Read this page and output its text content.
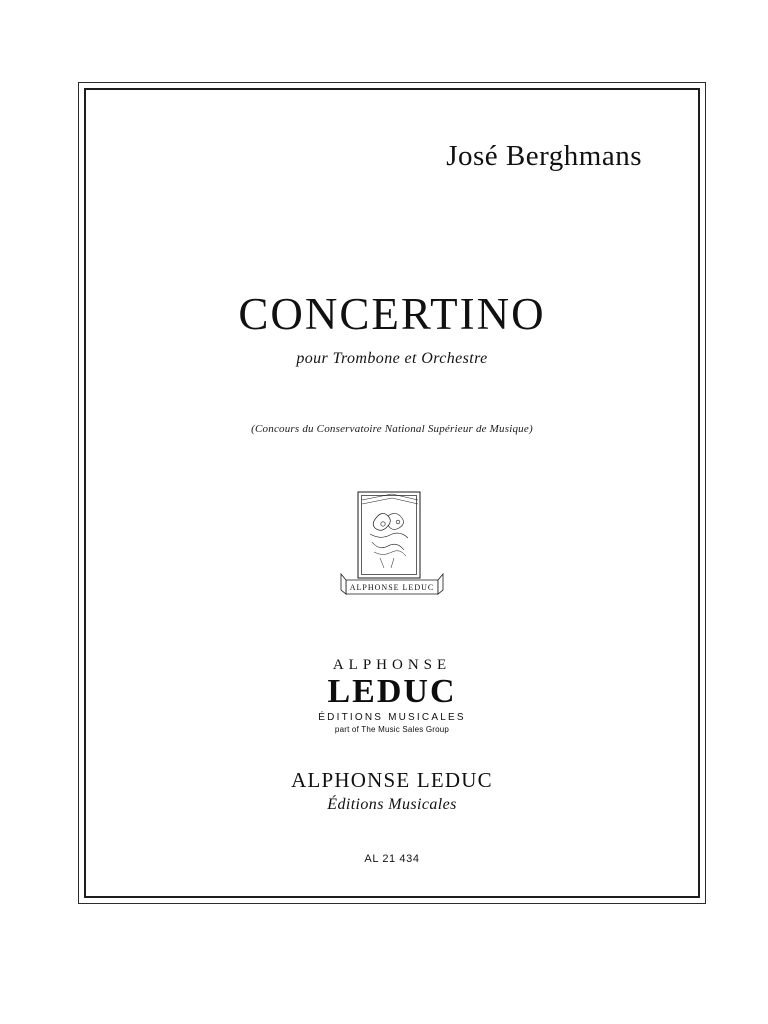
José Berghmans
CONCERTINO
pour Trombone et Orchestre
(Concours du Conservatoire National Supérieur de Musique)
ALPHONSE LEDUC
ALPHONSE
LEDUC
ÉDITIONS MUSICALES
part of The Music Sales Group
ALPHONSE LEDUC
Éditions Musicales
AL 21 434
